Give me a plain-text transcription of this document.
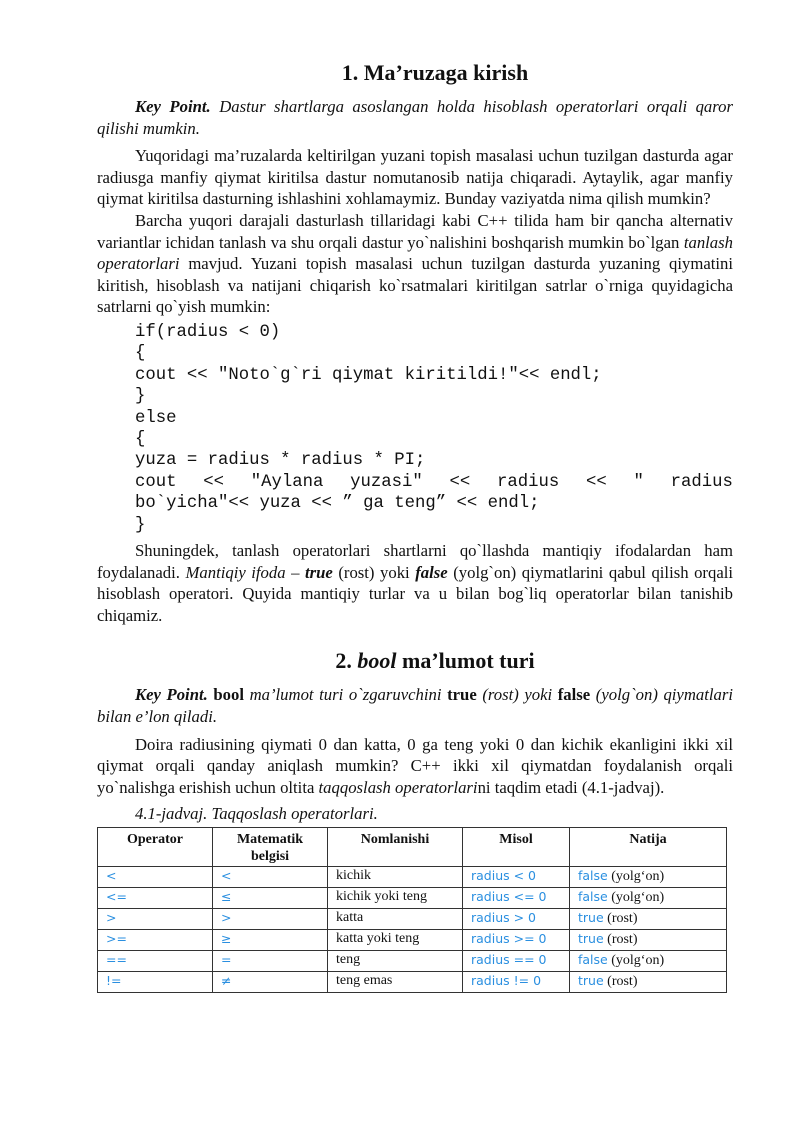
1. Ma’ruzaga kirish

Key Point. Dastur shartlarga asoslangan holda hisoblash operatorlari orqali qaror qilishi mumkin.

Yuqoridagi ma’ruzalarda keltirilgan yuzani topish masalasi uchun tuzilgan dasturda agar radiusga manfiy qiymat kiritilsa dastur nomutanosib natija chiqaradi. Aytaylik, agar manfiy qiymat kiritilsa dasturning ishlashini xohlamaymiz. Bunday vaziyatda nima qilish mumkin?

Barcha yuqori darajali dasturlash tillaridagi kabi C++ tilida ham bir qancha alternativ variantlar ichidan tanlash va shu orqali dastur yo`nalishini boshqarish mumkin bo`lgan tanlash operatorlari mavjud. Yuzani topish masalasi uchun tuzilgan dasturda yuzaning qiymatini kiritish, hisoblash va natijani chiqarish ko`rsatmalari kiritilgan satrlar o`rniga quyidagicha satrlarni qo`yish mumkin:

if(radius < 0)
{
cout << "Noto`g`ri qiymat kiritildi!"<< endl;
}
else
{
yuza = radius * radius * PI;
cout << "Aylana yuzasi" << radius << " radius
bo`yicha"<< yuza << ” ga teng” << endl;
}

Shuningdek, tanlash operatorlari shartlarni qo`llashda mantiqiy ifodalardan ham foydalanadi. Mantiqiy ifoda – true (rost) yoki false (yolg`on) qiymatlarini qabul qilish orqali hisoblash operatori. Quyida mantiqiy turlar va u bilan bog`liq operatorlar bilan tanishib chiqamiz.

2. bool ma’lumot turi

Key Point. bool ma’lumot turi o`zgaruvchini true (rost) yoki false (yolg`on) qiymatlari bilan e’lon qiladi.

Doira radiusining qiymati 0 dan katta, 0 ga teng yoki 0 dan kichik ekanligini ikki xil qiymat orqali qanday aniqlash mumkin? C++ ikki xil qiymatdan foydalanish orqali yo`nalishga erishish uchun oltita taqqoslash operatorlarini taqdim etadi (4.1-jadvaj).

4.1-jadvaj. Taqqoslash operatorlari.
Operator	Matematik belgisi	Nomlanishi	Misol	Natija
<	<	kichik	radius < 0	false (yolg‘on)
<=	≤	kichik yoki teng	radius <= 0	false (yolg‘on)
>	>	katta	radius > 0	true (rost)
>=	≥	katta yoki teng	radius >= 0	true (rost)
==	=	teng	radius == 0	false (yolg‘on)
!=	≠	teng emas	radius != 0	true (rost)
